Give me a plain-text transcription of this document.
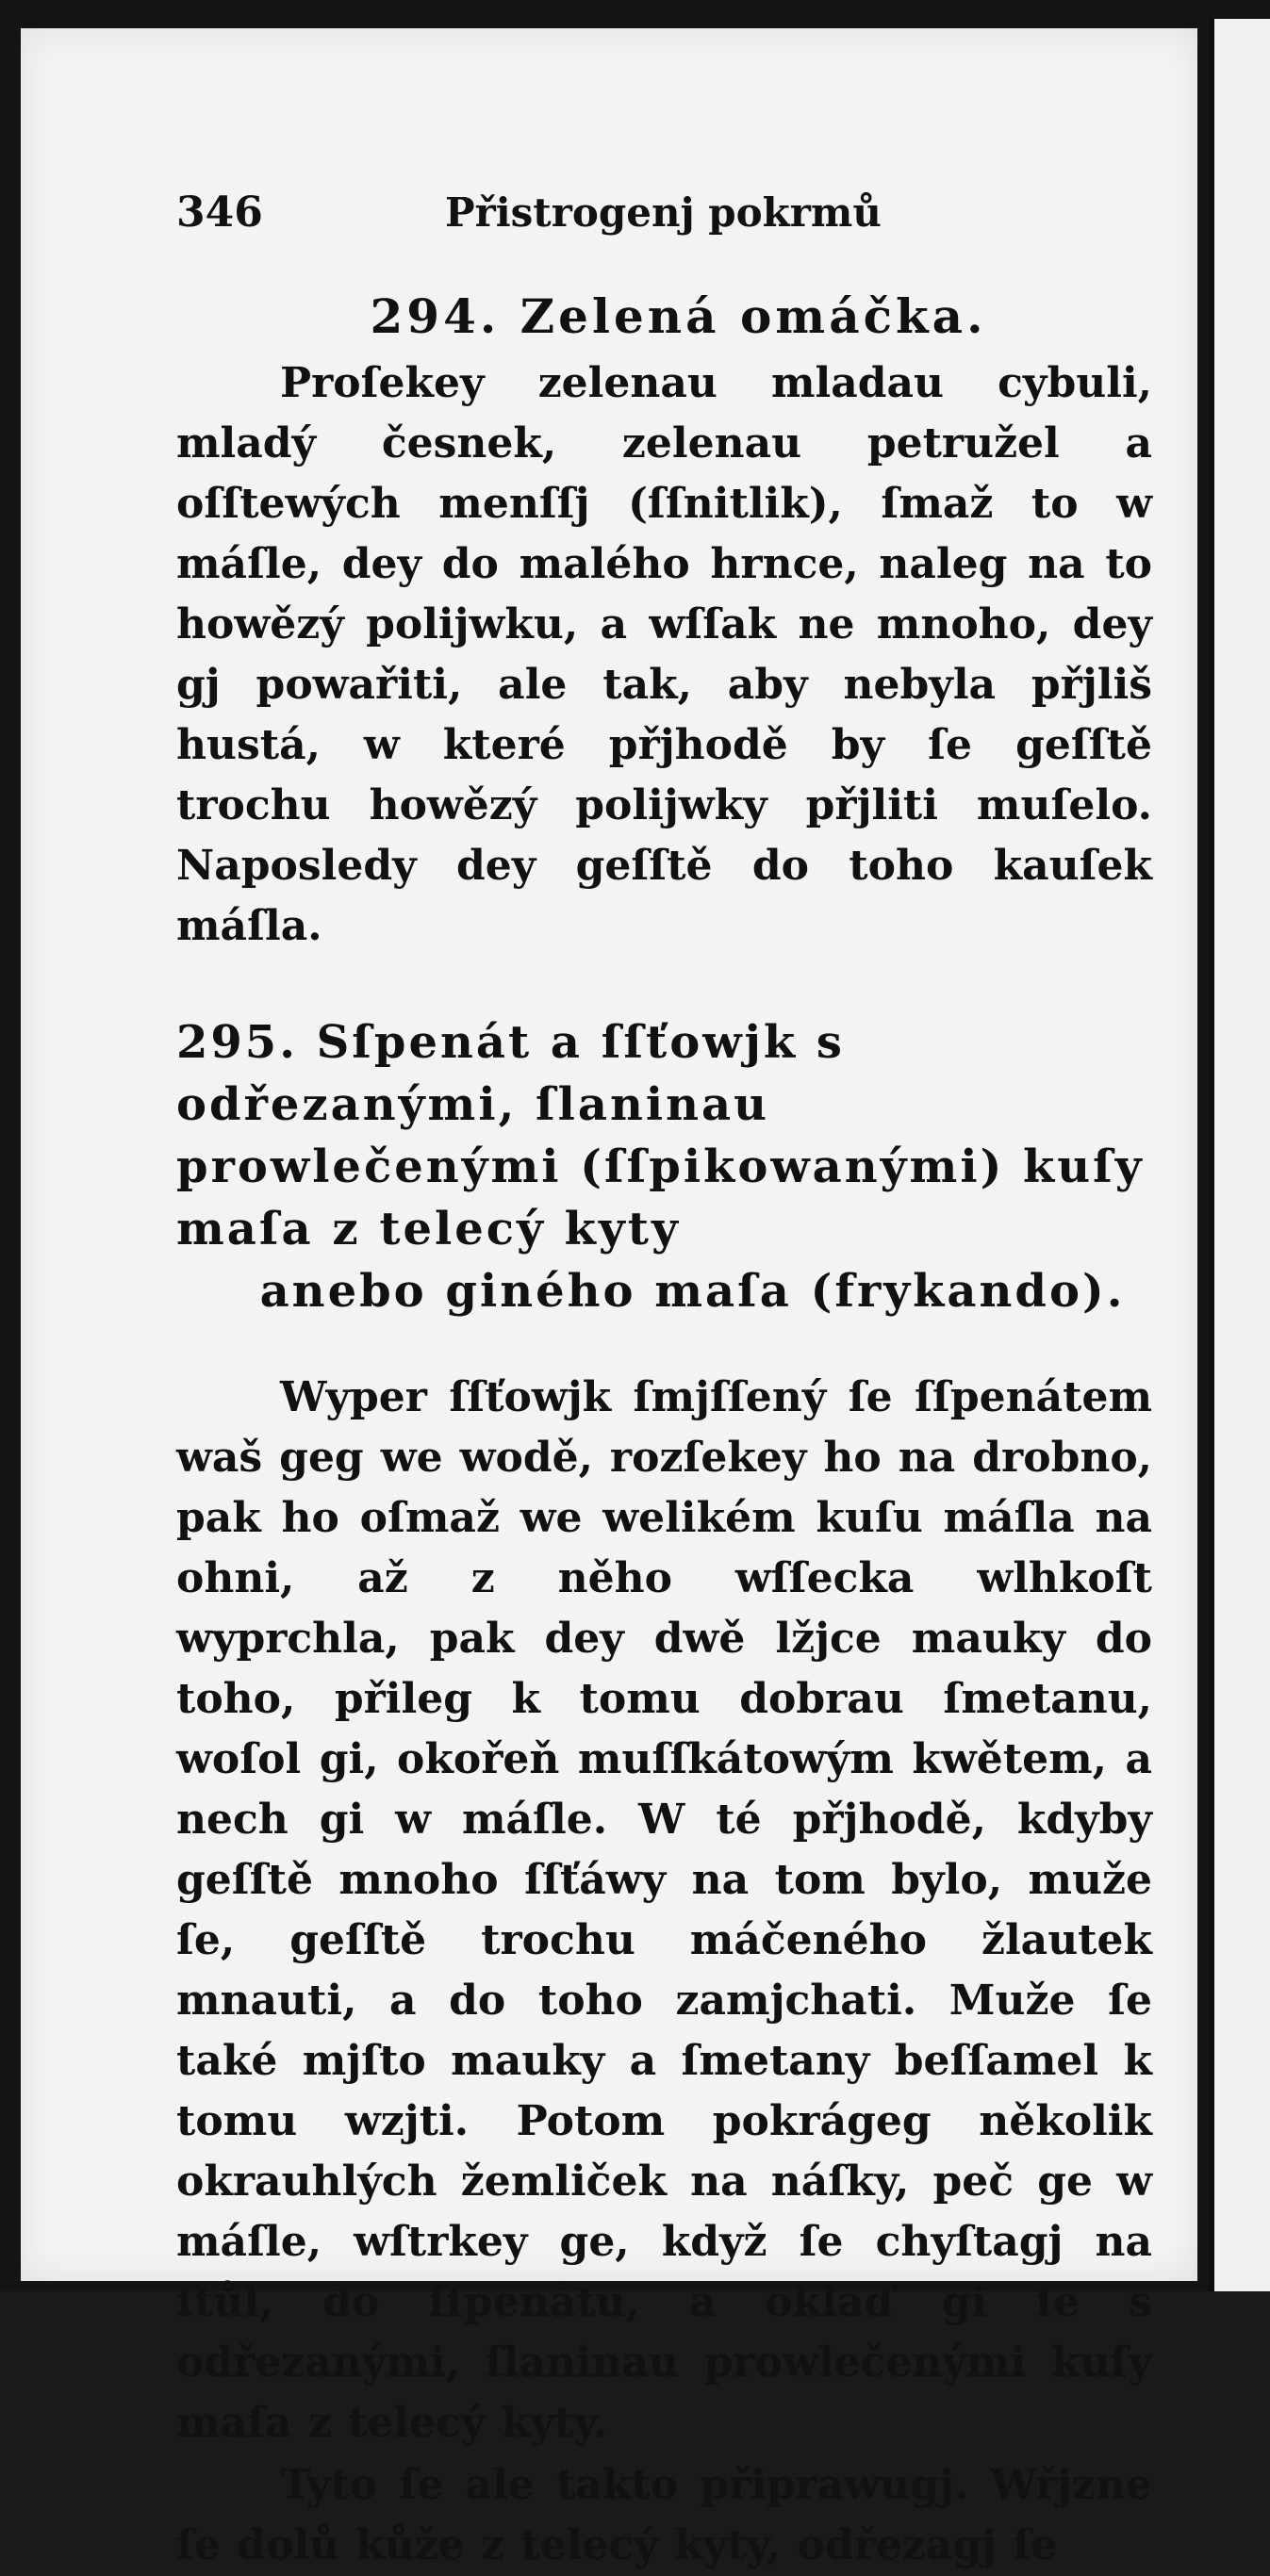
346	Přistrogenj pokrmů
294. Zelená omáčka.

Proſekey zelenau mladau cybuli, mladý česnek, zelenau petružel a oſſtewých menſſj (ſſnitlik), ſmaž to w máſle, dey do malého hrnce, naleg na to howězý polijwku, a wſſak ne mnoho, dey gj powařiti, ale tak, aby nebyla přjliš hustá, w které přjhodě by ſe geſſtě trochu howězý polijwky přjliti muſelo. Naposledy dey geſſtě do toho kauſek máſla.

295. Sſpenát a ſſťowjk s odřezanými, ſlaninau prowlečenými (ſſpikowanými) kuſy maſa z telecý kyty
anebo giného maſa (frykando).

Wyper ſſťowjk ſmjſſený ſe ſſpenátem waš geg we wodě, rozſekey ho na drobno, pak ho oſmaž we welikém kuſu máſla na ohni, až z něho wſſecka wlhkoſt wyprchla, pak dey dwě lžjce mauky do toho, přileg k tomu dobrau ſmetanu, woſol gi, okořeň muſſkátowým kwětem, a nech gi w máſle. W té přjhodě, kdyby geſſtě mnoho ſſťáwy na tom bylo, muže ſe, geſſtě trochu máčeného žlautek mnauti, a do toho zamjchati. Muže ſe také mjſto mauky a ſmetany beſſamel k tomu wzjti. Potom pokrágeg několik okrauhlých žemliček na náſky, peč ge w máſle, wſtrkey ge, když ſe chyſtagj na ſtůl, do ſſpenátu, a oklaď gi ſe s odřezanými, ſlaninau prowlečenými kuſy maſa z telecý kyty.

Tyto ſe ale takto připrawugj. Wřjzne ſe dolů kůže z telecý kyty, odřezagj ſe
